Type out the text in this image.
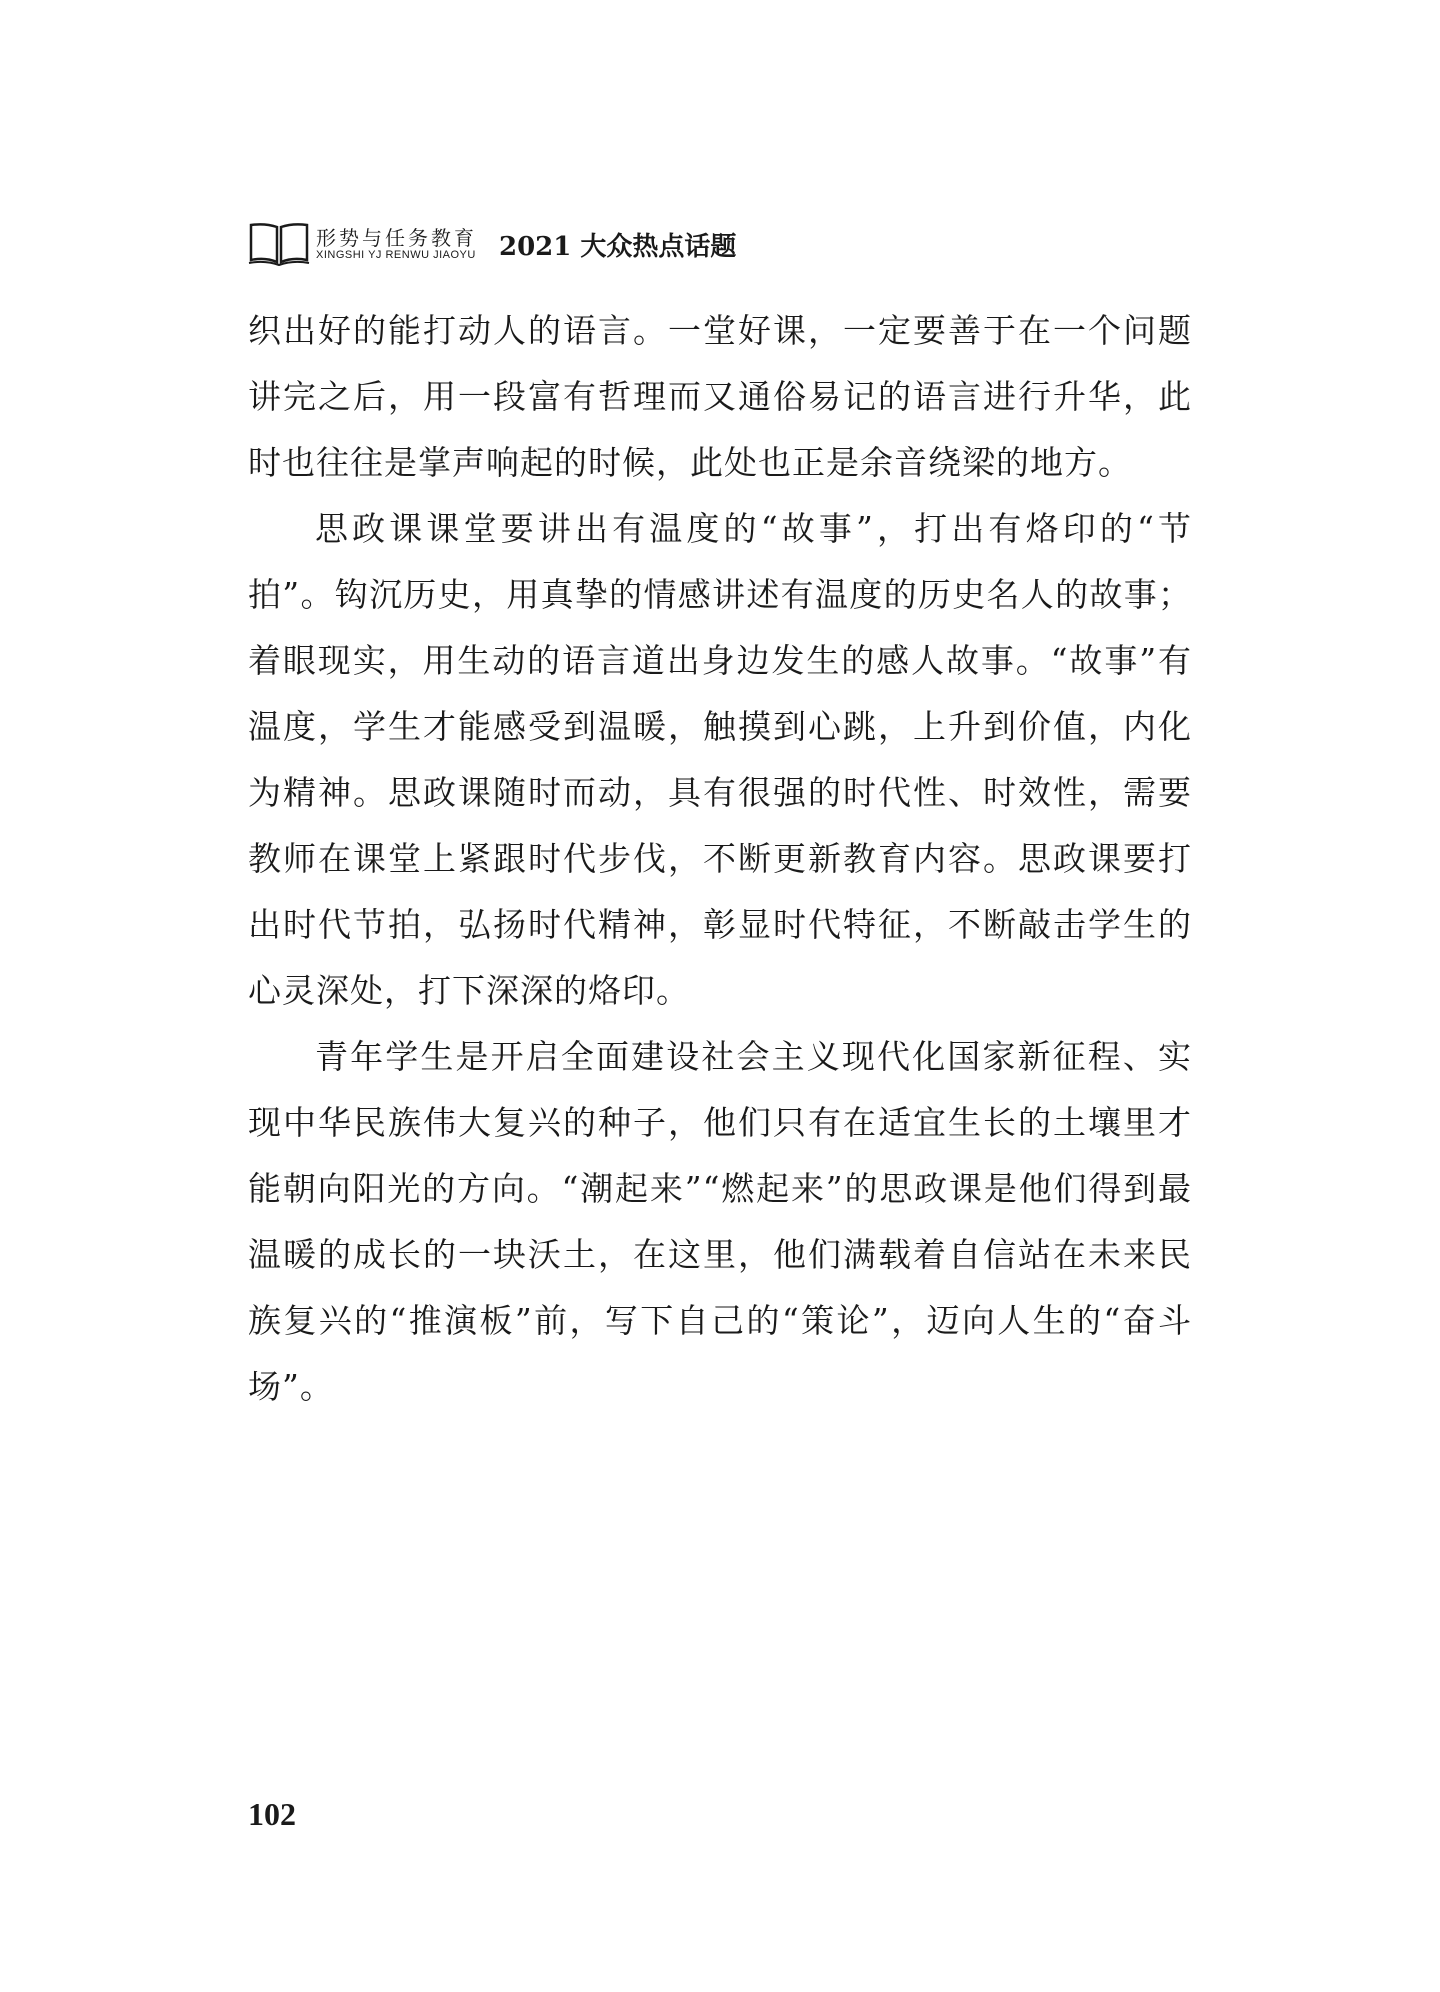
形势与任务教育
XINGSHI YJ RENWU JIAOYU 2021 大众热点话题

织出好的能打动人的语言。一堂好课，一定要善于在一个问题讲完之后，用一段富有哲理而又通俗易记的语言进行升华，此时也往往是掌声响起的时候，此处也正是余音绕梁的地方。

思政课课堂要讲出有温度的“故事”，打出有烙印的“节拍”。钩沉历史，用真挚的情感讲述有温度的历史名人的故事；着眼现实，用生动的语言道出身边发生的感人故事。“故事”有温度，学生才能感受到温暖，触摸到心跳，上升到价值，内化为精神。思政课随时而动，具有很强的时代性、时效性，需要教师在课堂上紧跟时代步伐，不断更新教育内容。思政课要打出时代节拍，弘扬时代精神，彰显时代特征，不断敲击学生的心灵深处，打下深深的烙印。

青年学生是开启全面建设社会主义现代化国家新征程、实现中华民族伟大复兴的种子，他们只有在适宜生长的土壤里才能朝向阳光的方向。“潮起来”“燃起来”的思政课是他们得到最温暖的成长的一块沃土，在这里，他们满载着自信站在未来民族复兴的“推演板”前，写下自己的“策论”，迈向人生的“奋斗场”。

102
